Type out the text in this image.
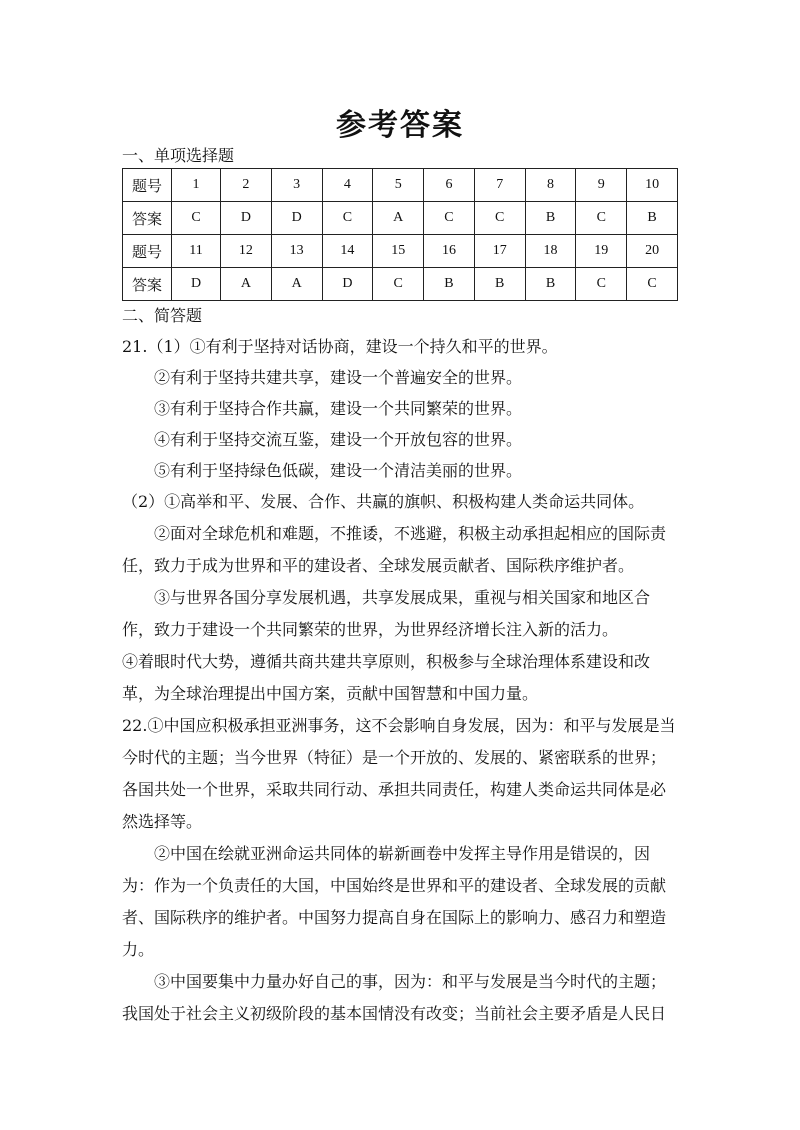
参考答案
一、单项选择题
题号	1	2	3	4	5	6	7	8	9	10
答案	C	D	D	C	A	C	C	B	C	B
题号	11	12	13	14	15	16	17	18	19	20
答案	D	A	A	D	C	B	B	B	C	C
二、简答题
21.（1）①有利于坚持对话协商，建设一个持久和平的世界。
②有利于坚持共建共享，建设一个普遍安全的世界。
③有利于坚持合作共赢，建设一个共同繁荣的世界。
④有利于坚持交流互鉴，建设一个开放包容的世界。
⑤有利于坚持绿色低碳，建设一个清洁美丽的世界。
（2）①高举和平、发展、合作、共赢的旗帜、积极构建人类命运共同体。
②面对全球危机和难题，不推诿，不逃避，积极主动承担起相应的国际责
任，致力于成为世界和平的建设者、全球发展贡献者、国际秩序维护者。
③与世界各国分享发展机遇，共享发展成果，重视与相关国家和地区合
作，致力于建设一个共同繁荣的世界，为世界经济增长注入新的活力。
④着眼时代大势，遵循共商共建共享原则，积极参与全球治理体系建设和改
革，为全球治理提出中国方案，贡献中国智慧和中国力量。
22.①中国应积极承担亚洲事务，这不会影响自身发展，因为：和平与发展是当
今时代的主题；当今世界（特征）是一个开放的、发展的、紧密联系的世界；
各国共处一个世界，采取共同行动、承担共同责任，构建人类命运共同体是必
然选择等。
②中国在绘就亚洲命运共同体的崭新画卷中发挥主导作用是错误的，因
为：作为一个负责任的大国，中国始终是世界和平的建设者、全球发展的贡献
者、国际秩序的维护者。中国努力提高自身在国际上的影响力、感召力和塑造
力。
③中国要集中力量办好自己的事，因为：和平与发展是当今时代的主题；
我国处于社会主义初级阶段的基本国情没有改变；当前社会主要矛盾是人民日
